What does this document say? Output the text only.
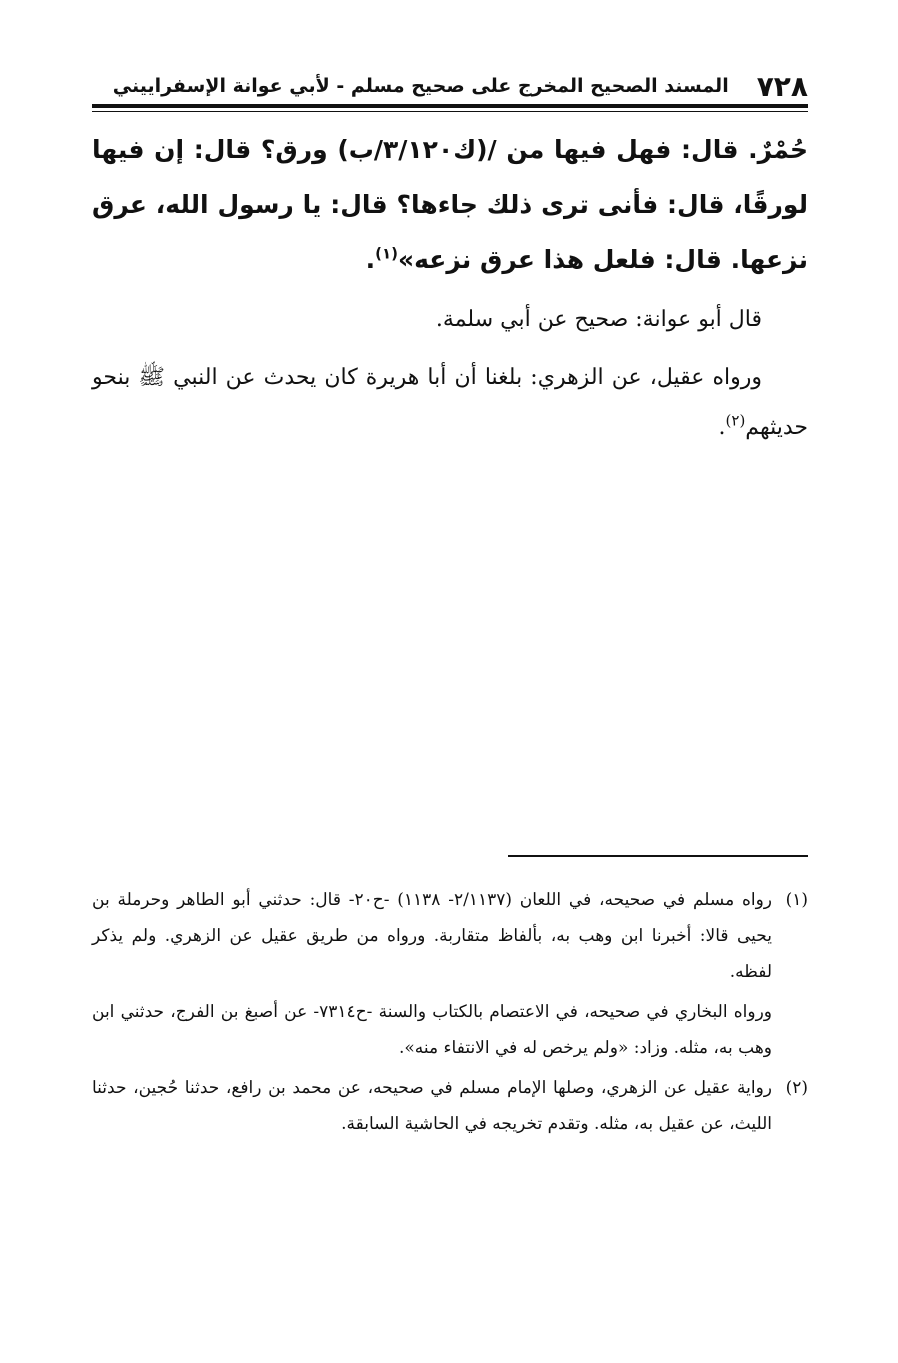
٧٢٨
المسند الصحيح المخرج على صحيح مسلم - لأبي عوانة الإسفراييني

حُمْرٌ. قال: فهل فيها من /(ك٣/١٢٠/ب) ورق؟ قال: إن فيها لورقًا، قال: فأنى ترى ذلك جاءها؟ قال: يا رسول الله، عرق نزعها. قال: فلعل هذا عرق نزعه»$^{(١)}$.

قال أبو عوانة: صحيح عن أبي سلمة.

ورواه عقيل، عن الزهري: بلغنا أن أبا هريرة كان يحدث عن النبي ﷺ بنحو حديثهم$^{(٢)}$.

(١)رواه مسلم في صحيحه، في اللعان (٢/١١٣٧- ١١٣٨) -ح٢٠- قال: حدثني أبو الطاهر وحرملة بن يحيى قالا: أخبرنا ابن وهب به، بألفاظ متقاربة. ورواه من طريق عقيل عن الزهري. ولم يذكر لفظه.

ورواه البخاري في صحيحه، في الاعتصام بالكتاب والسنة -ح٧٣١٤- عن أصبغ بن الفرج، حدثني ابن وهب به، مثله. وزاد: «ولم يرخص له في الانتفاء منه».

(٢)رواية عقيل عن الزهري، وصلها الإمام مسلم في صحيحه، عن محمد بن رافع، حدثنا حُجين، حدثنا الليث، عن عقيل به، مثله. وتقدم تخريجه في الحاشية السابقة.
